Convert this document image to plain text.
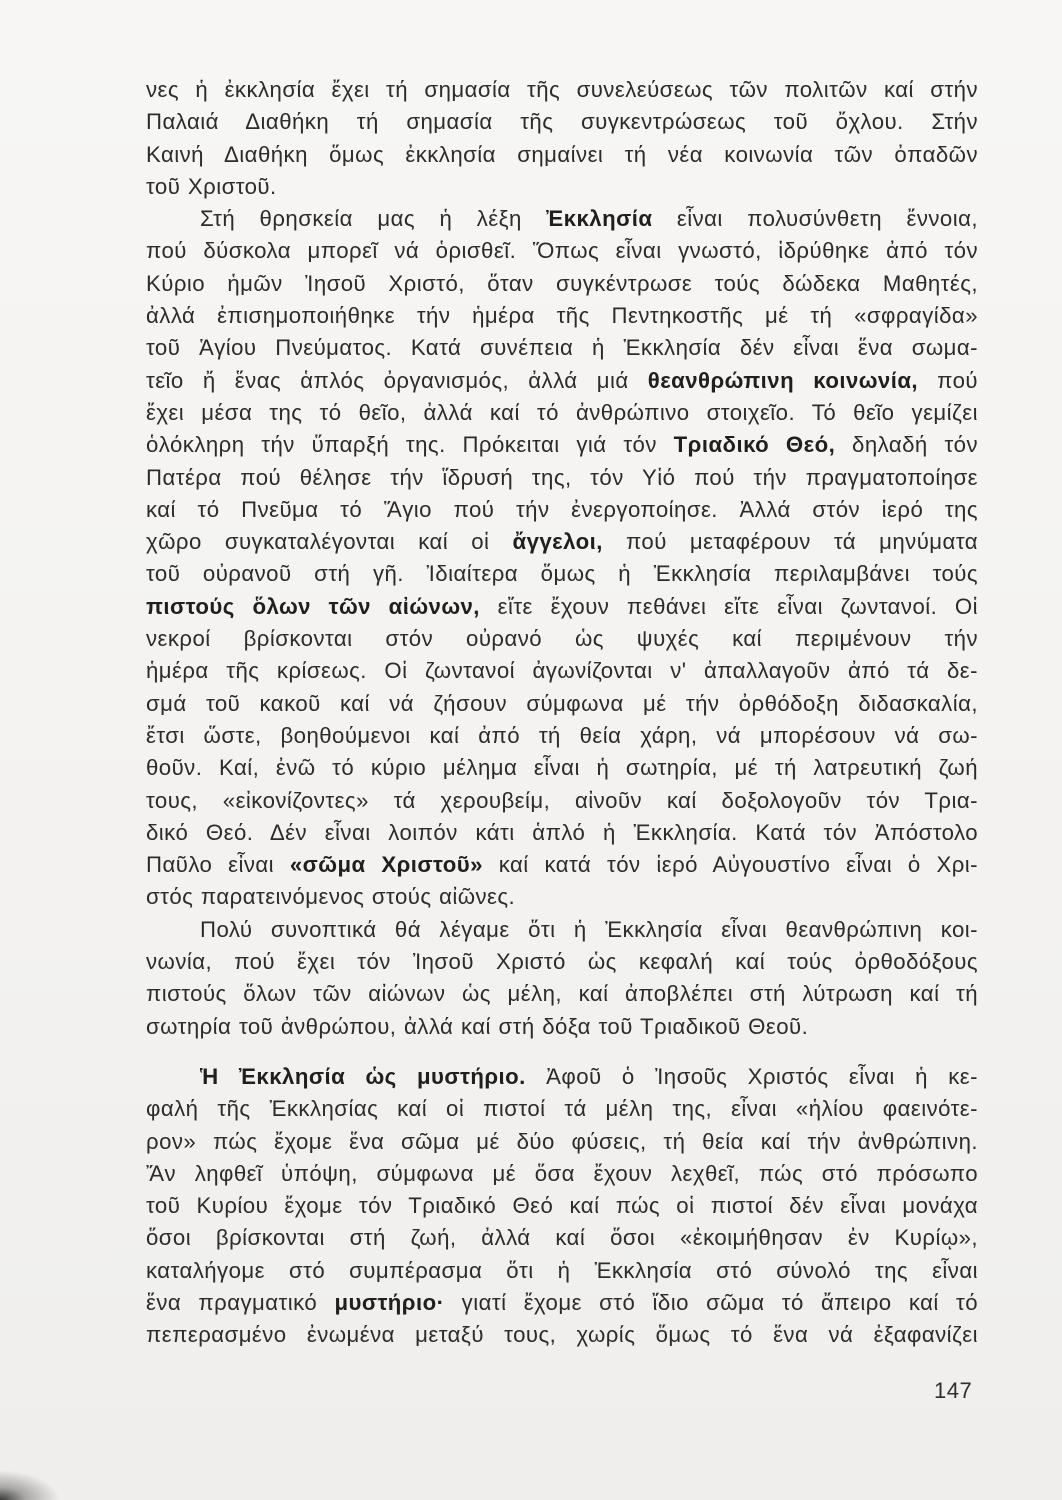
νες ἡ ἐκκλησία ἔχει τή σημασία τῆς συνελεύσεως τῶν πολιτῶν καί στήν
Παλαιά Διαθήκη τή σημασία τῆς συγκεντρώσεως τοῦ ὄχλου. Στήν
Καινή Διαθήκη ὅμως ἐκκλησία σημαίνει τή νέα κοινωνία τῶν ὀπαδῶν
τοῦ Χριστοῦ.
Στή θρησκεία μας ἡ λέξη Ἐκκλησία εἶναι πολυσύνθετη ἔννοια,
πού δύσκολα μπορεῖ νά ὁρισθεῖ. Ὅπως εἶναι γνωστό, ἱδρύθηκε ἀπό τόν
Κύριο ἡμῶν Ἰησοῦ Χριστό, ὅταν συγκέντρωσε τούς δώδεκα Μαθητές,
ἀλλά ἐπισημοποιήθηκε τήν ἡμέρα τῆς Πεντηκοστῆς μέ τή «σφραγίδα»
τοῦ Ἁγίου Πνεύματος. Κατά συνέπεια ἡ Ἐκκλησία δέν εἶναι ἕνα σωμα-
τεῖο ἤ ἕνας ἁπλός ὀργανισμός, ἀλλά μιά θεανθρώπινη κοινωνία, πού
ἔχει μέσα της τό θεῖο, ἀλλά καί τό ἀνθρώπινο στοιχεῖο. Τό θεῖο γεμίζει
ὁλόκληρη τήν ὕπαρξή της. Πρόκειται γιά τόν Τριαδικό Θεό, δηλαδή τόν
Πατέρα πού θέλησε τήν ἵδρυσή της, τόν Υἱό πού τήν πραγματοποίησε
καί τό Πνεῦμα τό Ἅγιο πού τήν ἐνεργοποίησε. Ἀλλά στόν ἱερό της
χῶρο συγκαταλέγονται καί οἱ ἄγγελοι, πού μεταφέρουν τά μηνύματα
τοῦ οὐρανοῦ στή γῆ. Ἰδιαίτερα ὅμως ἡ Ἐκκλησία περιλαμβάνει τούς
πιστούς ὅλων τῶν αἰώνων, εἴτε ἔχουν πεθάνει εἴτε εἶναι ζωντανοί. Οἱ
νεκροί βρίσκονται στόν οὐρανό ὡς ψυχές καί περιμένουν τήν
ἡμέρα τῆς κρίσεως. Οἱ ζωντανοί ἀγωνίζονται ν' ἀπαλλαγοῦν ἀπό τά δε-
σμά τοῦ κακοῦ καί νά ζήσουν σύμφωνα μέ τήν ὀρθόδοξη διδασκαλία,
ἔτσι ὥστε, βοηθούμενοι καί ἀπό τή θεία χάρη, νά μπορέσουν νά σω-
θοῦν. Καί, ἐνῶ τό κύριο μέλημα εἶναι ἡ σωτηρία, μέ τή λατρευτική ζωή
τους, «εἰκονίζοντες» τά χερουβείμ, αἰνοῦν καί δοξολογοῦν τόν Τρια-
δικό Θεό. Δέν εἶναι λοιπόν κάτι ἁπλό ἡ Ἐκκλησία. Κατά τόν Ἀπόστολο
Παῦλο εἶναι «σῶμα Χριστοῦ» καί κατά τόν ἱερό Αὐγουστίνο εἶναι ὁ Χρι-
στός παρατεινόμενος στούς αἰῶνες.
Πολύ συνοπτικά θά λέγαμε ὅτι ἡ Ἐκκλησία εἶναι θεανθρώπινη κοι-
νωνία, πού ἔχει τόν Ἰησοῦ Χριστό ὡς κεφαλή καί τούς ὀρθοδόξους
πιστούς ὅλων τῶν αἰώνων ὡς μέλη, καί ἀποβλέπει στή λύτρωση καί τή
σωτηρία τοῦ ἀνθρώπου, ἀλλά καί στή δόξα τοῦ Τριαδικοῦ Θεοῦ.
Ἡ Ἐκκλησία ὡς μυστήριο. Ἀφοῦ ὁ Ἰησοῦς Χριστός εἶναι ἡ κε-
φαλή τῆς Ἐκκλησίας καί οἱ πιστοί τά μέλη της, εἶναι «ἡλίου φαεινότε-
ρον» πώς ἔχομε ἕνα σῶμα μέ δύο φύσεις, τή θεία καί τήν ἀνθρώπινη.
Ἄν ληφθεῖ ὑπόψη, σύμφωνα μέ ὅσα ἔχουν λεχθεῖ, πώς στό πρόσωπο
τοῦ Κυρίου ἔχομε τόν Τριαδικό Θεό καί πώς οἱ πιστοί δέν εἶναι μονάχα
ὅσοι βρίσκονται στή ζωή, ἀλλά καί ὅσοι «ἐκοιμήθησαν ἐν Κυρίῳ»,
καταλήγομε στό συμπέρασμα ὅτι ἡ Ἐκκλησία στό σύνολό της εἶναι
ἕνα πραγματικό μυστήριο· γιατί ἔχομε στό ἴδιο σῶμα τό ἄπειρο καί τό
πεπερασμένο ἐνωμένα μεταξύ τους, χωρίς ὅμως τό ἕνα νά ἐξαφανίζει
147
